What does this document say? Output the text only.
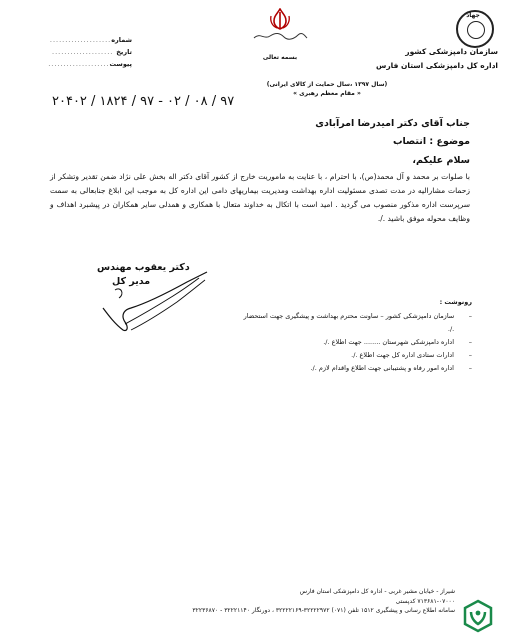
جهاد
سازمان دامپزشکی کشور
اداره کل دامپزشکی استان فارس
بسمه تعالی
شماره
....................
تاریخ
....................
پیوست
....................
(سال ۱۳۹۷ ،سال حمایت از کالای ایرانی)
« مقام معظم رهبری »
۲۰۴۰۲ / ۱۸۲۴ / ۹۷ - ۰۲ / ۰۸ / ۹۷
جناب آقای دکتر امیدرضا امرآبادی
موضوع : انتصاب
سلام علیکم،

با صلوات بر محمد و آل محمد(ص)، با احترام ، با عنایت به ماموریت خارج از کشور آقای دکتر اله بخش علی نژاد ضمن تقدیر وتشکر از زحمات مشارالیه در مدت تصدی مسئولیت اداره بهداشت ومدیریت بیماریهای دامی این اداره کل به موجب این ابلاغ جنابعالی به سمت سرپرست اداره مذکور منصوب می گردید . امید است با اتکال به خداوند متعال با همکاری و همدلی سایر همکاران در پیشبرد اهداف و وظایف محوله موفق باشید ./.

دکتر یعقوب مهندس
مدیر کل
رونوشت :
–
سازمان دامپزشکی کشور – ساونت محترم بهداشت و پیشگیری جهت استحضار ./.
–
اداره دامپزشکی شهرستان ........ جهت اطلاع ./.
–
ادارات ستادی اداره کل جهت اطلاع ./.
–
اداره امور رفاه و پشتیبانی جهت اطلاع واقدام لازم ./.
شیراز - خیابان مشیر غربی - اداره کل دامپزشکی استان فارس
۷۱۳۶۸۱-۰۷۰۰۰ کدپستی
سامانه اطلاع رسانی و پیشگیری ۱۵۱۲ تلفن (۰۷۱) ۳۲۲۲۲۹۷۲-۳۲۲۲۲۱۶۹ ، دورنگار ۳۲۲۲۱۱۴۰ - ۳۲۲۳۶۸۷۰
